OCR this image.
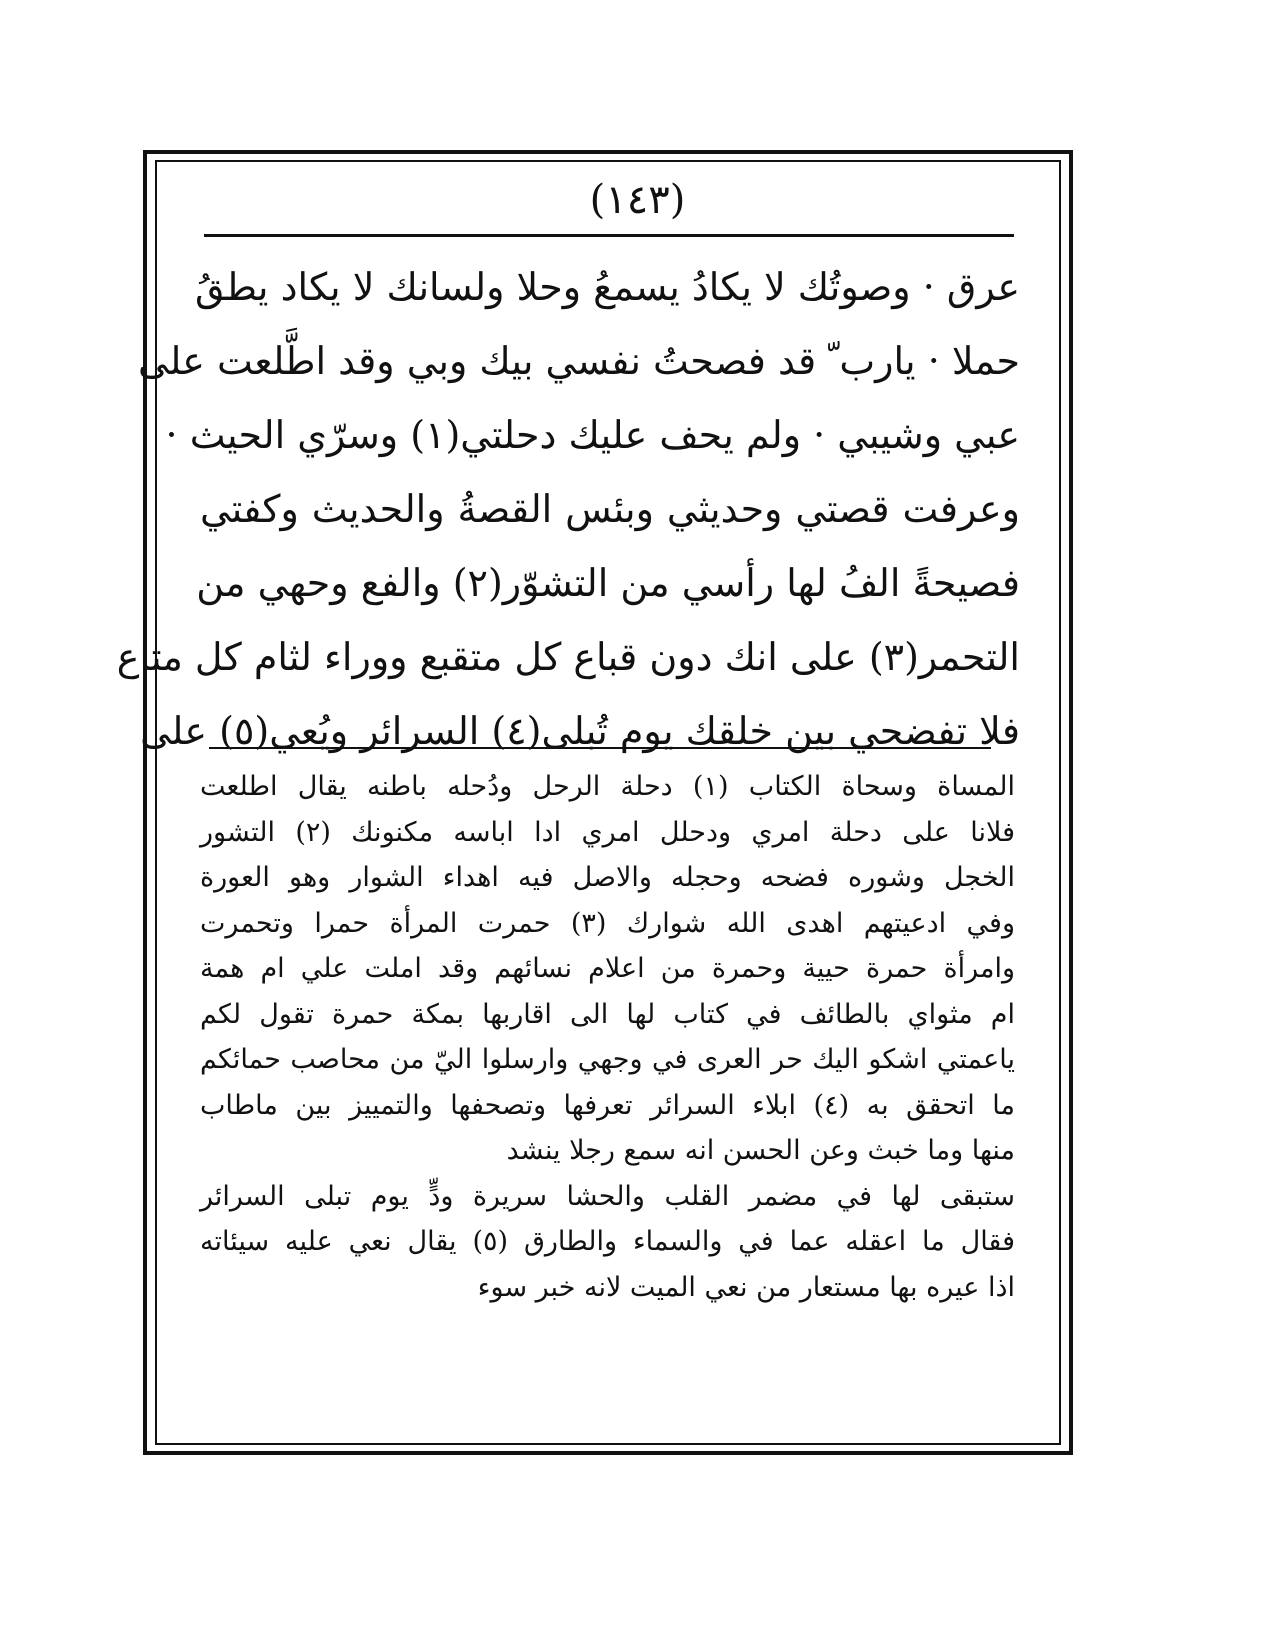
(١٤٣)
عرق · وصوتُك لا يكادُ يسمعُ وحلا ولسانك لا يكاد يطقُ
حملا · يارب ّ قد فصحتُ نفسي بيك وبي وقد اطَّلعت على
عبي وشيبي · ولم يحف عليك دحلتي(١) وسرّي الحيث ·
وعرفت قصتي وحديثي وبئس القصةُ والحديث وكفتي
فصيحةً الفُ لها رأسي من التشوّر(٢) والفع وحهي من
التحمر(٣) على انك دون قباع كل متقبع ووراء لثام كل متاع
فلا تفضحي بين خلقك يوم تُبلى(٤) السرائر ويُعي(٥) على
المساة وسحاة الكتاب (١) دحلة الرحل ودُحله باطنه يقال اطلعت
فلانا على دحلة امري ودحلل امري ادا اباسه مكنونك (٢) التشور
الخجل وشوره فضحه وحجله والاصل فيه اهداء الشوار وهو العورة
وفي ادعيتهم اهدى الله شوارك (٣) حمرت المرأة حمرا وتحمرت
وامرأة حمرة حيية وحمرة من اعلام نسائهم وقد املت علي ام همة
ام مثواي بالطائف في كتاب لها الى اقاربها بمكة حمرة تقول لكم
ياعمتي اشكو اليك حر العرى في وجهي وارسلوا اليّ من محاصب حمائكم
ما اتحقق به (٤) ابلاء السرائر تعرفها وتصحفها والتمييز بين ماطاب
منها وما خبث وعن الحسن انه سمع رجلا ينشد
ستبقى لها في مضمر القلب والحشا سريرة ودٍّ يوم تبلى السرائر
فقال ما اعقله عما في والسماء والطارق (٥) يقال نعي عليه سيئاته
اذا عيره بها مستعار من نعي الميت لانه خبر سوء
